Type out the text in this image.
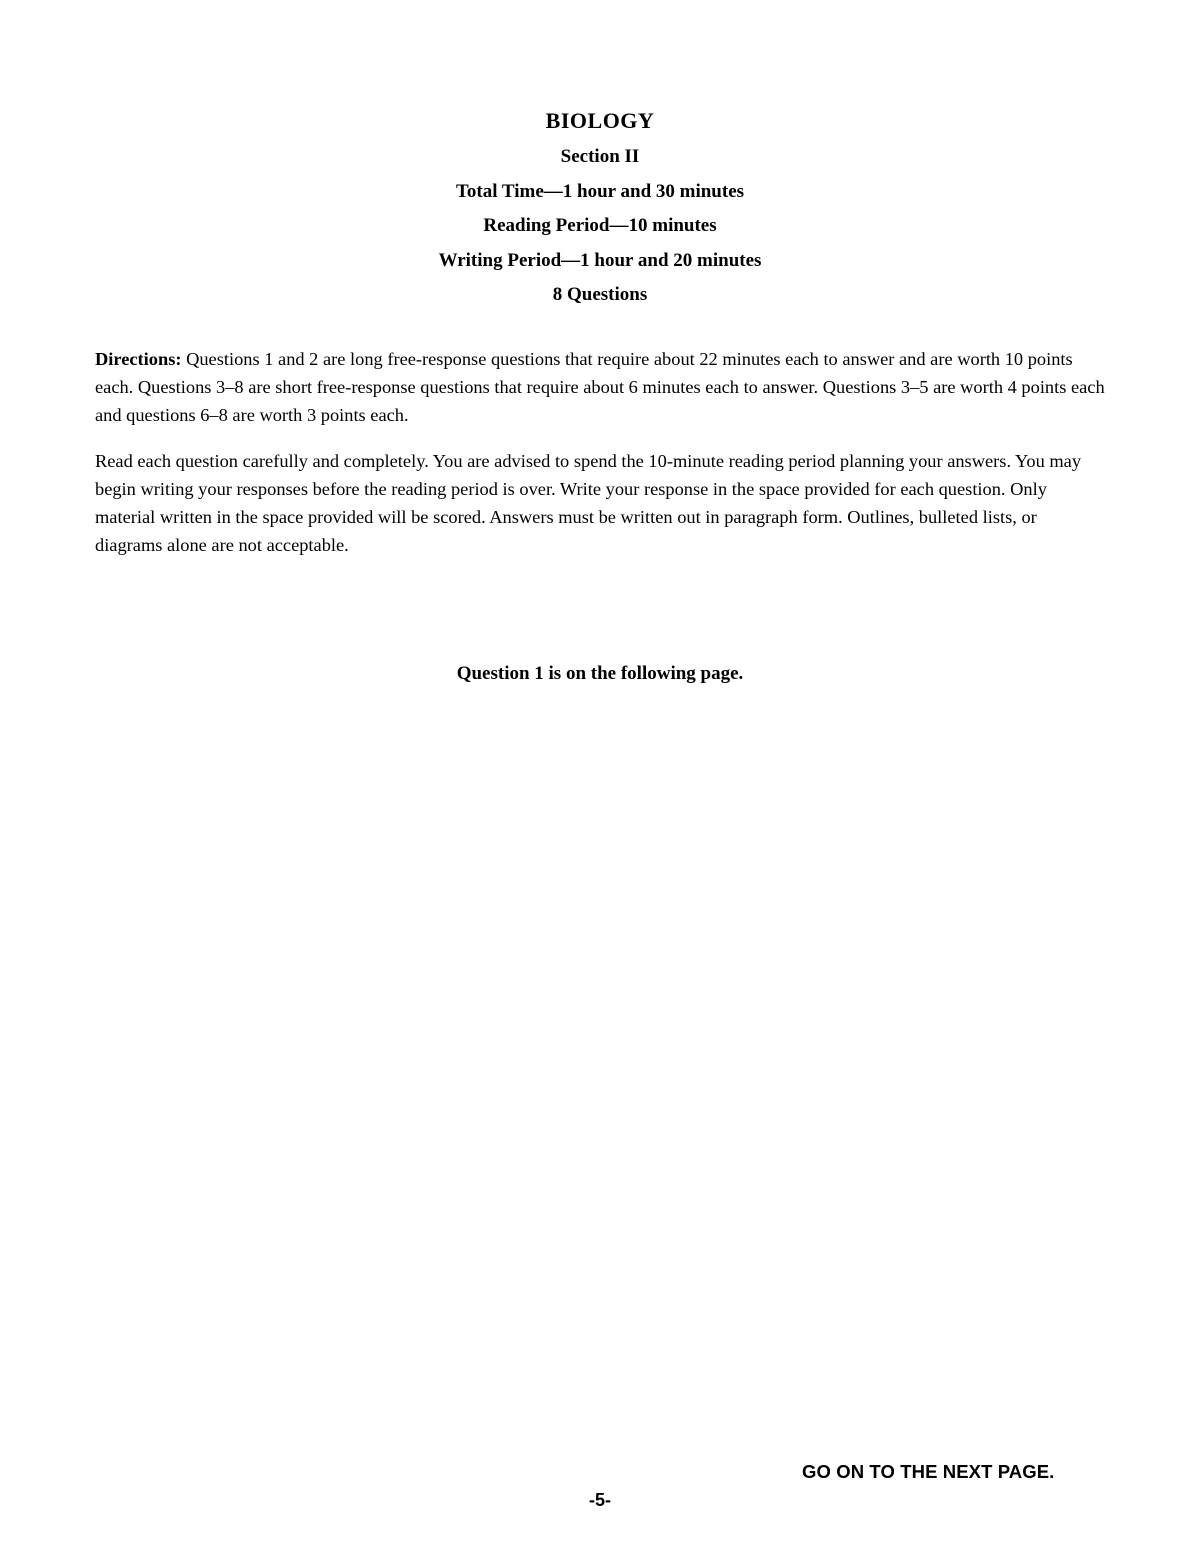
BIOLOGY
Section II
Total Time—1 hour and 30 minutes
Reading Period—10 minutes
Writing Period—1 hour and 20 minutes
8 Questions

Directions: Questions 1 and 2 are long free-response questions that require about 22 minutes each to answer and are worth 10 points each. Questions 3–8 are short free-response questions that require about 6 minutes each to answer. Questions 3–5 are worth 4 points each and questions 6–8 are worth 3 points each.

Read each question carefully and completely. You are advised to spend the 10-minute reading period planning your answers. You may begin writing your responses before the reading period is over. Write your response in the space provided for each question. Only material written in the space provided will be scored. Answers must be written out in paragraph form. Outlines, bulleted lists, or diagrams alone are not acceptable.

Question 1 is on the following page.
GO ON TO THE NEXT PAGE.
-5-
